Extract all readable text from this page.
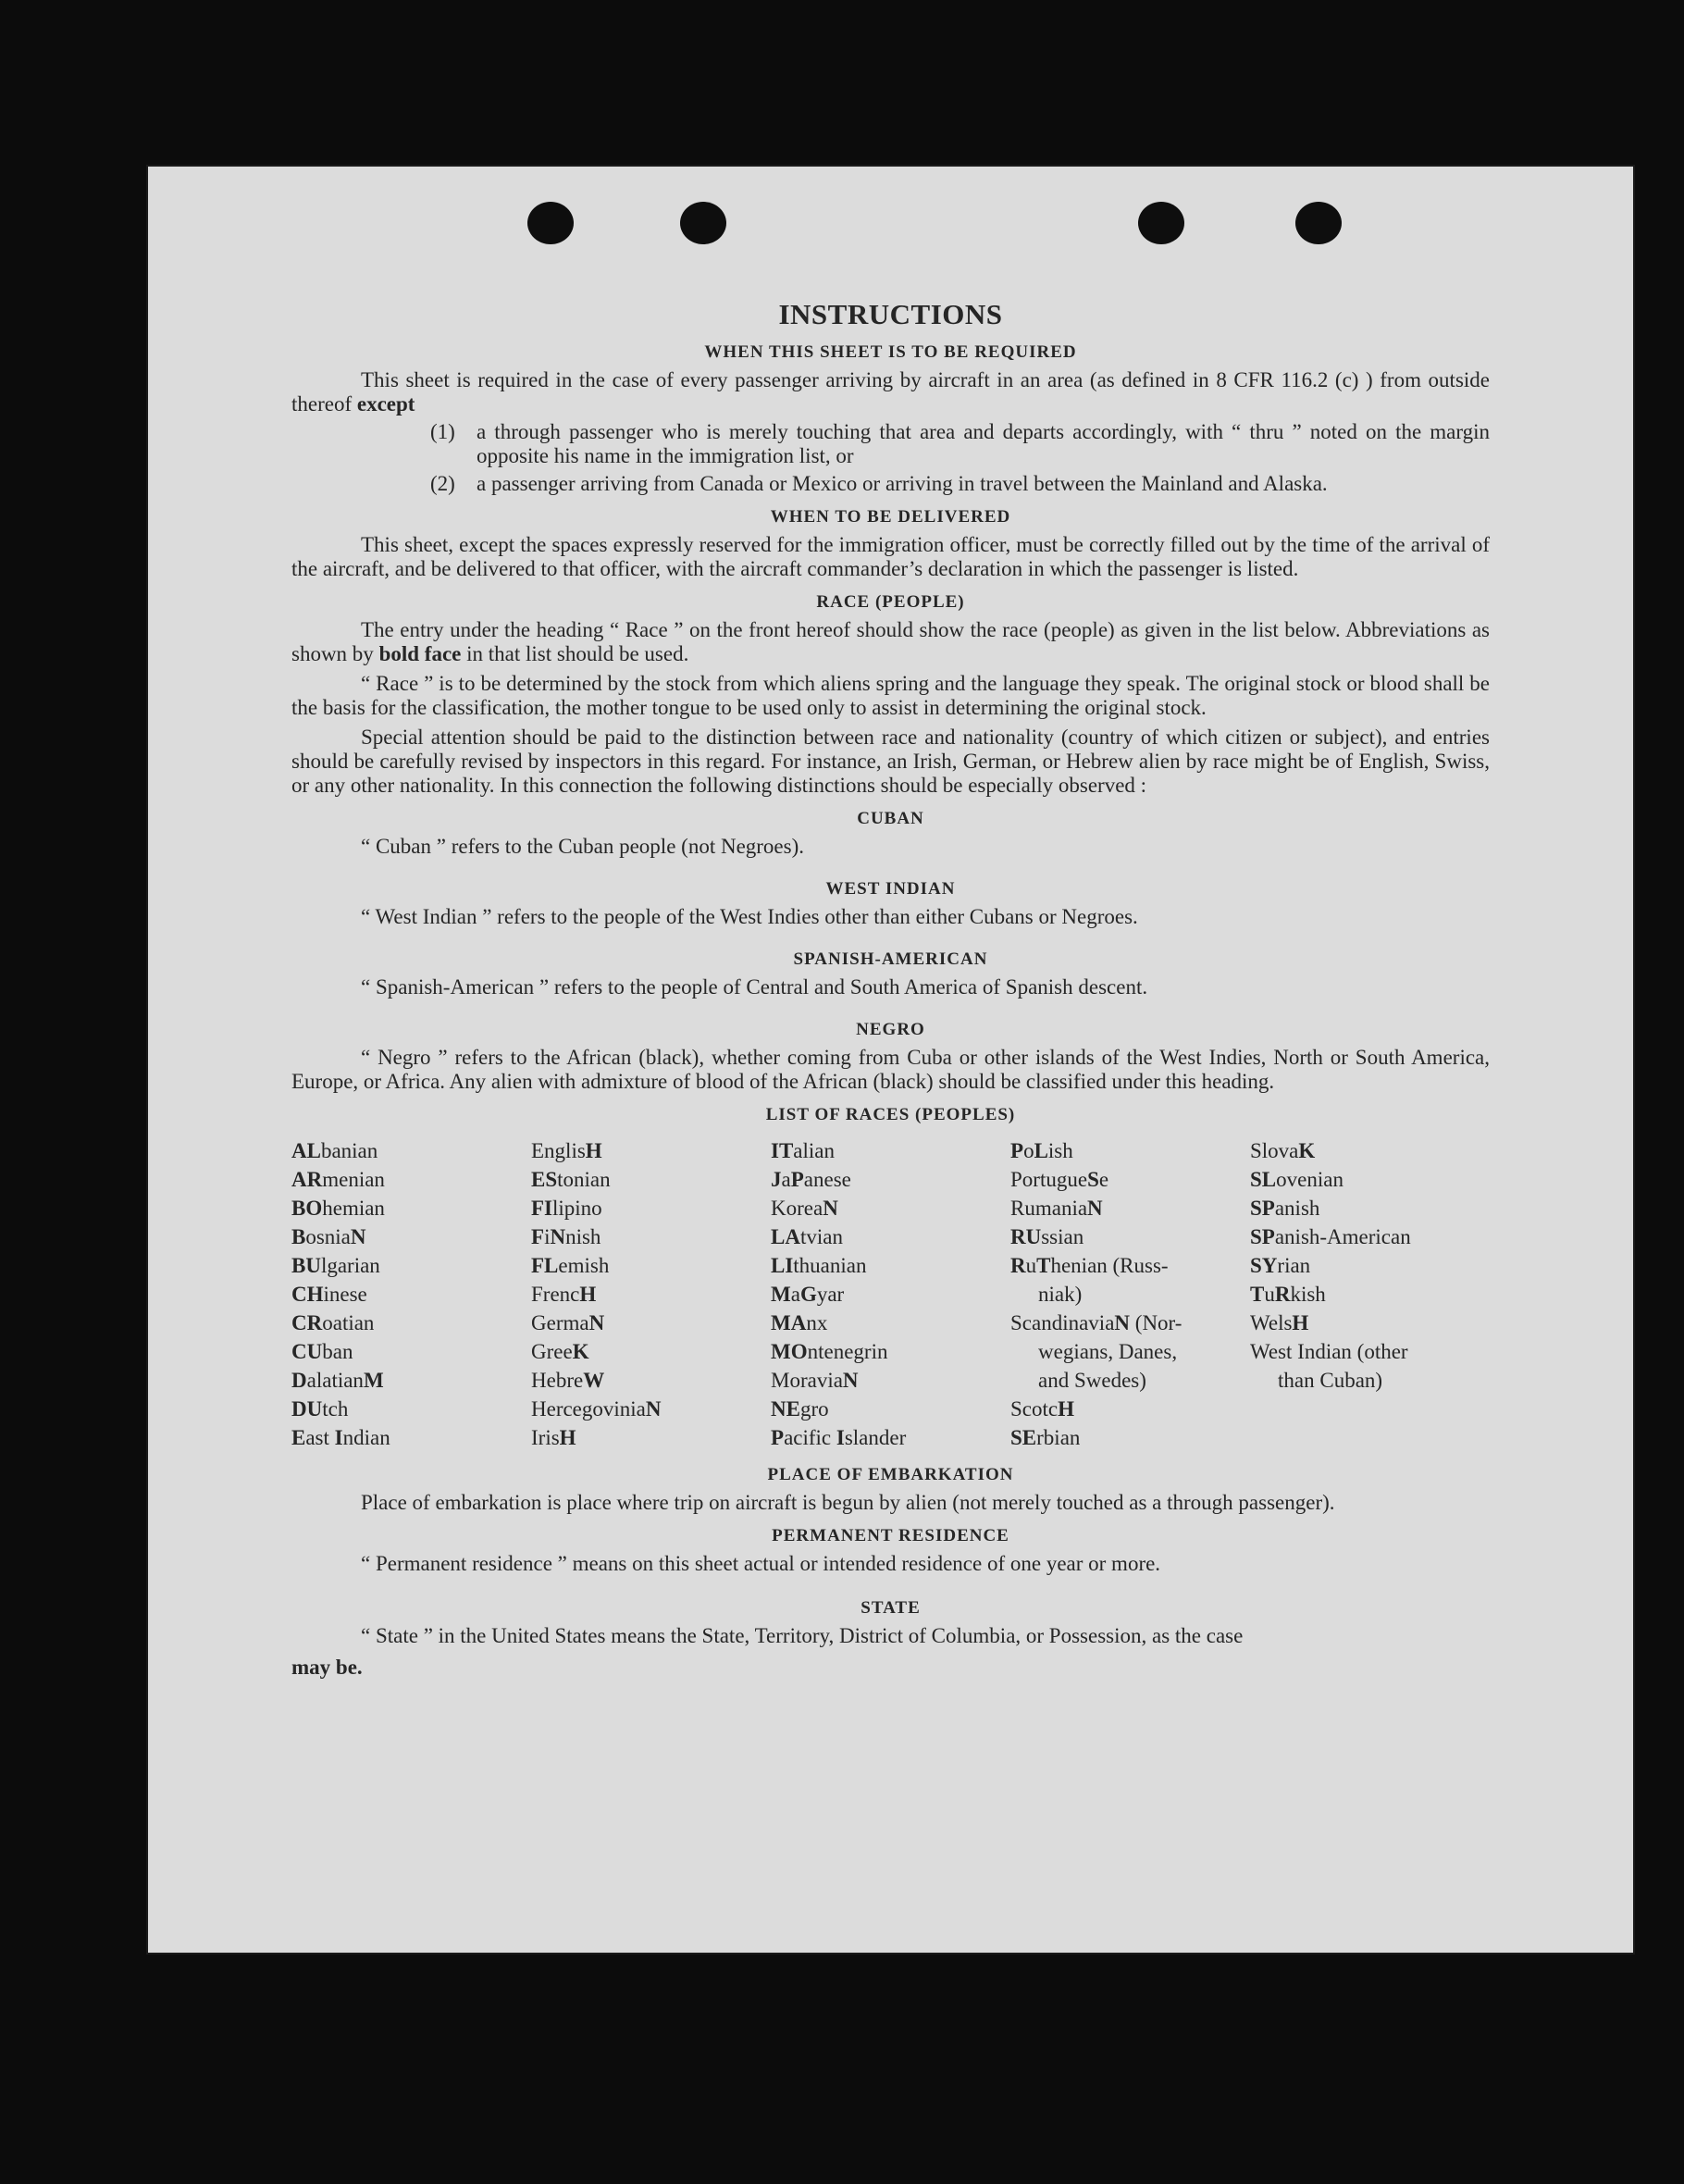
INSTRUCTIONS
WHEN THIS SHEET IS TO BE REQUIRED

This sheet is required in the case of every passenger arriving by aircraft in an area (as defined in 8 CFR 116.2 (c) ) from outside thereof except

(1)	a through passenger who is merely touching that area and departs accordingly, with “ thru ” noted on the margin opposite his name in the immigration list, or
(2)	a passenger arriving from Canada or Mexico or arriving in travel between the Mainland and Alaska.
WHEN TO BE DELIVERED

This sheet, except the spaces expressly reserved for the immigration officer, must be correctly filled out by the time of the arrival of the aircraft, and be delivered to that officer, with the aircraft commander’s declaration in which the passenger is listed.

RACE (PEOPLE)

The entry under the heading “ Race ” on the front hereof should show the race (people) as given in the list below. Abbreviations as shown by bold face in that list should be used.

“ Race ” is to be determined by the stock from which aliens spring and the language they speak. The original stock or blood shall be the basis for the classification, the mother tongue to be used only to assist in determining the original stock.

Special attention should be paid to the distinction between race and nationality (country of which citizen or subject), and entries should be carefully revised by inspectors in this regard. For instance, an Irish, German, or Hebrew alien by race might be of English, Swiss, or any other nationality. In this connection the following distinctions should be especially observed :

CUBAN
“ Cuban ” refers to the Cuban people (not Negroes).
WEST INDIAN
“ West Indian ” refers to the people of the West Indies other than either Cubans or Negroes.
SPANISH-AMERICAN
“ Spanish-American ” refers to the people of Central and South America of Spanish descent.
NEGRO

“ Negro ” refers to the African (black), whether coming from Cuba or other islands of the West Indies, North or South America, Europe, or Africa. Any alien with admixture of blood of the African (black) should be classified under this heading.

LIST OF RACES (PEOPLES)
ALbanian
ARmenian
BOhemian
BosniaN
BUlgarian
CHinese
CRoatian
CUban
DalatianM
DUtch
East Indian
EnglisH
EStonian
FIlipino
FiNnish
FLemish
FrencH
GermaN
GreeK
HebreW
HercegoviniaN
IrisH
ITalian
JaPanese
KoreaN
LAtvian
LIthuanian
MaGyar
MAnx
MOntenegrin
MoraviaN
NEgro
Pacific Islander
PoLish
PortugueSe
RumaniaN
RUssian
RuThenian (Russ-
niak)
ScandinaviaN (Nor-
wegians, Danes,
and Swedes)
ScotcH
SErbian
SlovaK
SLovenian
SPanish
SPanish-American
SYrian
TuRkish
WelsH
West Indian (other
than Cuban)
PLACE OF EMBARKATION

Place of embarkation is place where trip on aircraft is begun by alien (not merely touched as a through passenger).

PERMANENT RESIDENCE
“ Permanent residence ” means on this sheet actual or intended residence of one year or more.
STATE

“ State ” in the United States means the State, Territory, District of Columbia, or Possession, as the case

may be.
